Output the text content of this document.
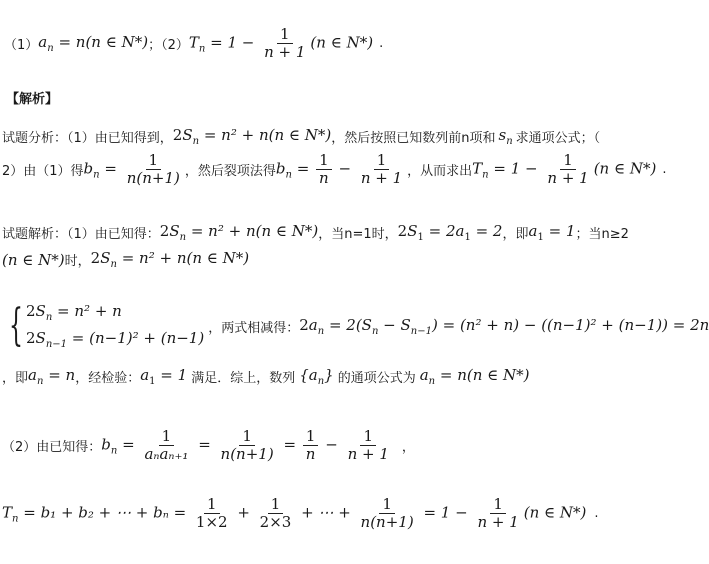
（1） $a_n = n(n$ ∈ N*) ；（2） $T_n = 1 - \frac{1}{n + 1} (n$ ∈ N*) .
【解析】
试题分析：（1）由已知得到， $2S_n = n^2 + n(n$ ∈ N*) ，然后按照已知数列前n项和 $s_n$ 求通项公式；（
2）由（1）得 $b_n = \frac{1}{n(n+1)}$ ，然后裂项法得 $b_n = \frac{1}{n} - \frac{1}{n + 1}$ ，从而求出 $T_n = 1 - \frac{1}{n + 1} (n$ ∈ N*) .
试题解析：（1）由已知得： $2S_n = n^2 + n(n$ ∈ N*) ，当n=1时， $2S_1 = 2a_1 = 2$ ，即 $a_1 = 1$ ；当n≥2
(n ∈ N*) 时， $2S_n = n^2 + n(n$ ∈ N*)
{ $2S_n = n^2 + n$
$2S_{n-1} = (n-1)^2 + (n-1)$
，两式相减得： $2a_n = 2(S_n - S_{n-1}) = (n^2 + n) - ((n-1)^2 + (n-1)) = 2n$
，即 $a_n = n$ ，经检验： $a_1 = 1$ 满足．综上，数列 $\{a_n\}$ 的通项公式为 $a_n = n(n$ ∈ N*)
（2）由已知得： $b_n = \frac{1}{\text{aₙaₙ₊₁}} = \frac{1}{n(n+1)} = \frac{1}{n} - \frac{1}{n + 1}$ ，
$T_n = b_1 + b_2$ + ⋯ + $b_n = \frac{1}{1\times 2} + \frac{1}{2\times 3}$ + ⋯ + $\frac{1}{n(n+1)} = 1 - \frac{1}{n + 1} (n$ ∈ N*) .
